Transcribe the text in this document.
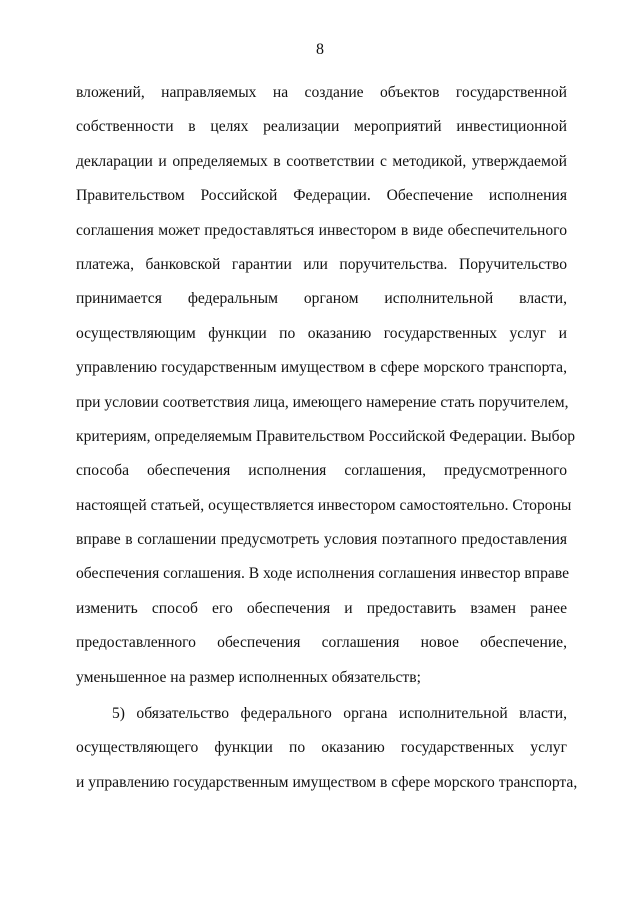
8
вложений, направляемых на создание объектов государственной
собственности в целях реализации мероприятий инвестиционной
декларации и определяемых в соответствии с методикой, утверждаемой
Правительством Российской Федерации. Обеспечение исполнения
соглашения может предоставляться инвестором в виде обеспечительного
платежа, банковской гарантии или поручительства. Поручительство
принимается федеральным органом исполнительной власти,
осуществляющим функции по оказанию государственных услуг и
управлению государственным имуществом в сфере морского транспорта,
при условии соответствия лица, имеющего намерение стать поручителем,
критериям, определяемым Правительством Российской Федерации. Выбор
способа обеспечения исполнения соглашения, предусмотренного
настоящей статьей, осуществляется инвестором самостоятельно. Стороны
вправе в соглашении предусмотреть условия поэтапного предоставления
обеспечения соглашения. В ходе исполнения соглашения инвестор вправе
изменить способ его обеспечения и предоставить взамен ранее
предоставленного обеспечения соглашения новое обеспечение,
уменьшенное на размер исполненных обязательств;
5) обязательство федерального органа исполнительной власти,
осуществляющего функции по оказанию государственных услуг
и управлению государственным имуществом в сфере морского транспорта,
